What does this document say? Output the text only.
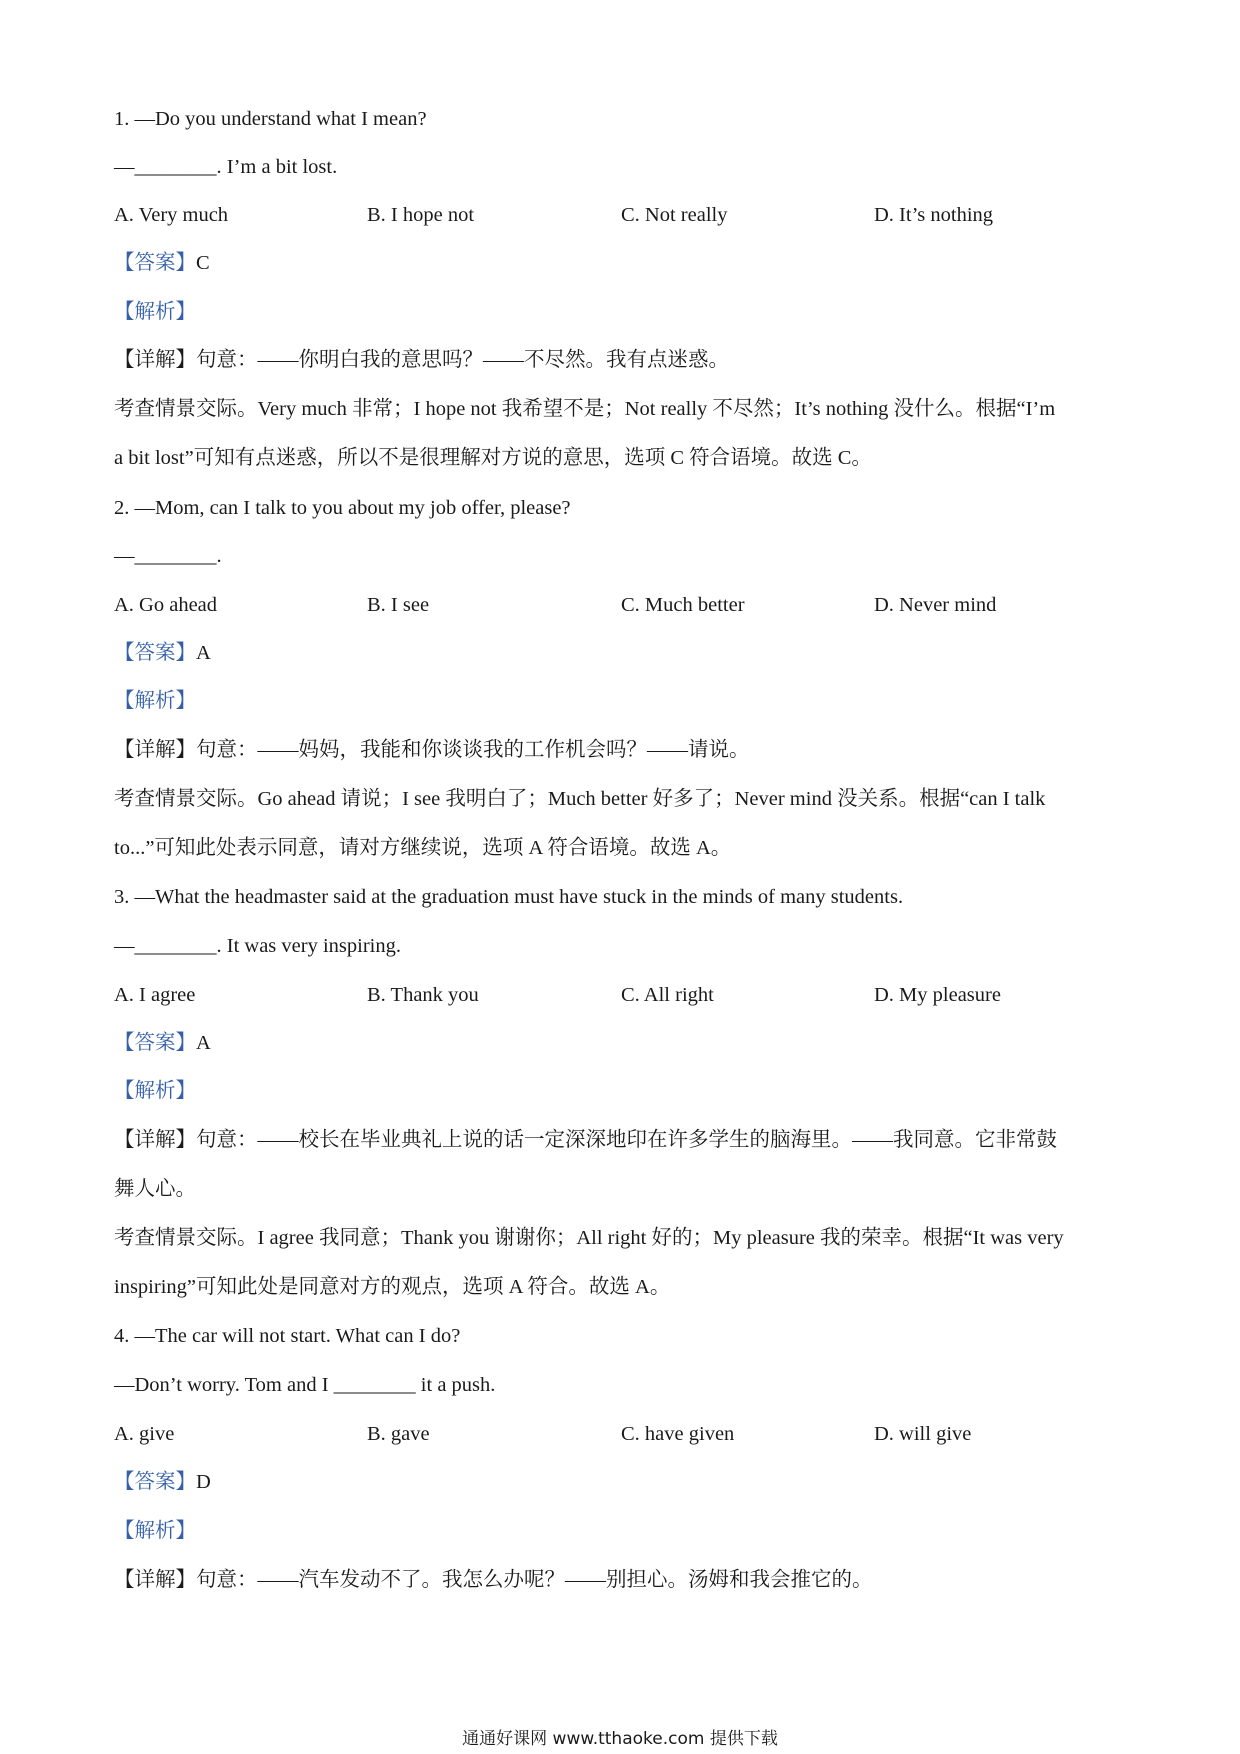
1. —Do you understand what I mean?
—________. I’m a bit lost.
A. Very much	B. I hope not	C. Not really	D. It’s nothing
【答案】C
【解析】
【详解】句意：——你明白我的意思吗？——不尽然。我有点迷惑。
考查情景交际。Very much 非常；I hope not 我希望不是；Not really 不尽然；It’s nothing 没什么。根据“I’m
a bit lost”可知有点迷惑，所以不是很理解对方说的意思，选项 C 符合语境。故选 C。
2. —Mom, can I talk to you about my job offer, please?
—________.
A. Go ahead	B. I see	C. Much better	D. Never mind
【答案】A
【解析】
【详解】句意：——妈妈，我能和你谈谈我的工作机会吗？——请说。
考查情景交际。Go ahead 请说；I see 我明白了；Much better 好多了；Never mind 没关系。根据“can I talk
to...”可知此处表示同意，请对方继续说，选项 A 符合语境。故选 A。
3. —What the headmaster said at the graduation must have stuck in the minds of many students.
—________. It was very inspiring.
A. I agree	B. Thank you	C. All right	D. My pleasure
【答案】A
【解析】
【详解】句意：——校长在毕业典礼上说的话一定深深地印在许多学生的脑海里。——我同意。它非常鼓
舞人心。
考查情景交际。I agree 我同意；Thank you 谢谢你；All right 好的；My pleasure 我的荣幸。根据“It was very
inspiring”可知此处是同意对方的观点，选项 A 符合。故选 A。
4. —The car will not start. What can I do?
—Don’t worry. Tom and I ________ it a push.
A. give	B. gave	C. have given	D. will give
【答案】D
【解析】
【详解】句意：——汽车发动不了。我怎么办呢？——别担心。汤姆和我会推它的。
通通好课网 www.tthaoke.com 提供下载
